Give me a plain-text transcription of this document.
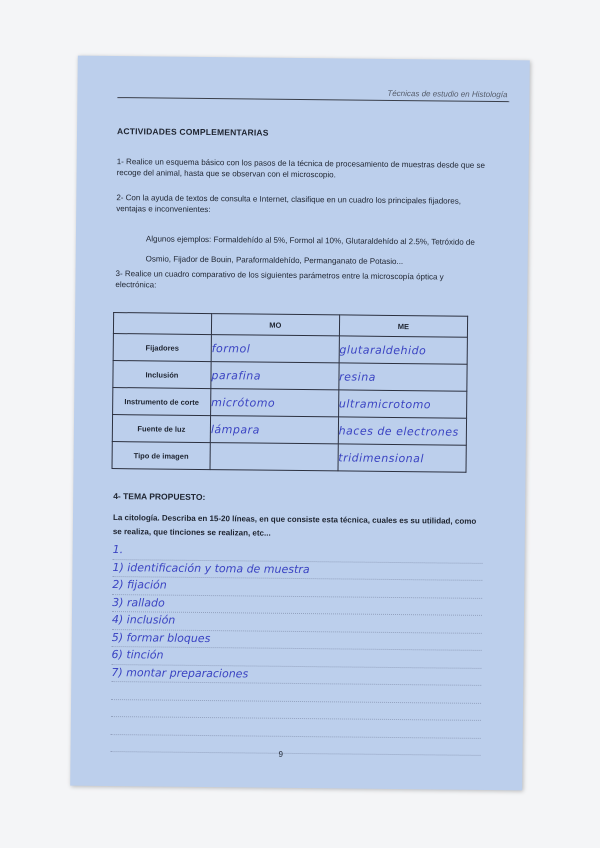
Técnicas de estudio en Histología
ACTIVIDADES COMPLEMENTARIAS
1- Realice un esquema básico con los pasos de la técnica de procesamiento de muestras desde que se recoge del animal, hasta que se observan con el microscopio.
2- Con la ayuda de textos de consulta e Internet, clasifique en un cuadro los principales fijadores, ventajas e inconvenientes:
Algunos ejemplos: Formaldehído al 5%, Formol al 10%, Glutaraldehído al 2.5%, Tetróxido de Osmio, Fijador de Bouin, Paraformaldehído, Permanganato de Potasio...
3- Realice un cuadro comparativo de los siguientes parámetros entre la microscopía óptica y electrónica:
	MO	ME
Fijadores	formol	glutaraldehido
Inclusión	parafina	resina
Instrumento de corte	micrótomo	ultramicrotomo
Fuente de luz	lámpara	haces de electrones
Tipo de imagen		tridimensional
4- TEMA PROPUESTO:
La citología. Describa en 15-20 líneas, en que consiste esta técnica, cuales es su utilidad, como se realiza, que tinciones se realizan, etc...
1.
1) identificación y toma de muestra
2) fijación
3) rallado
4) inclusión
5) formar bloques
6) tinción
7) montar preparaciones
9
